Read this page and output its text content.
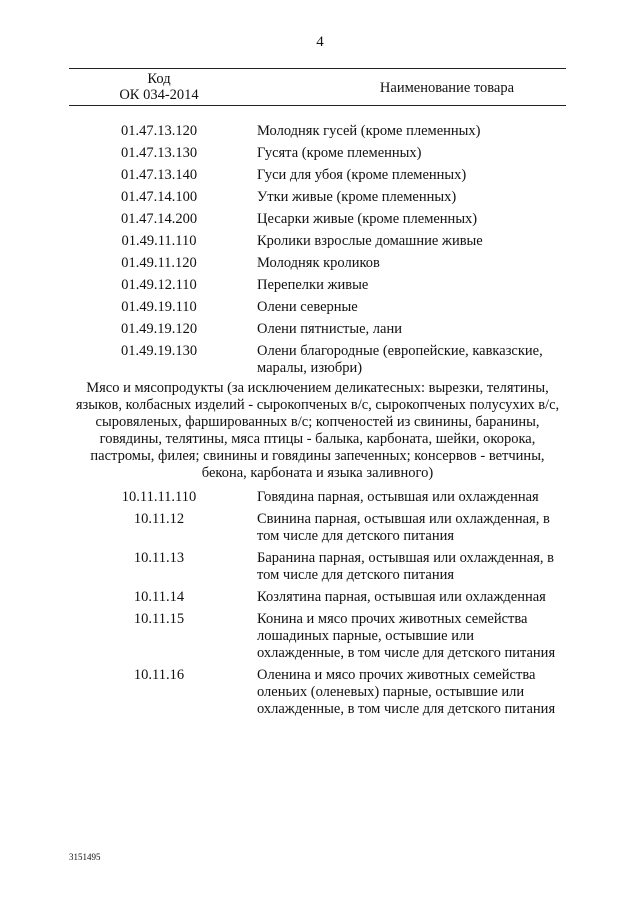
4
Код
ОК 034-2014	Наименование товара
01.47.13.120	Молодняк гусей (кроме племенных)
01.47.13.130	Гусята (кроме племенных)
01.47.13.140	Гуси для убоя (кроме племенных)
01.47.14.100	Утки живые (кроме племенных)
01.47.14.200	Цесарки живые (кроме племенных)
01.49.11.110	Кролики взрослые домашние живые
01.49.11.120	Молодняк кроликов
01.49.12.110	Перепелки живые
01.49.19.110	Олени северные
01.49.19.120	Олени пятнистые, лани
01.49.19.130	Олени благородные (европейские, кавказские, маралы, изюбри)
Мясо и мясопродукты (за исключением деликатесных: вырезки, телятины, языков, колбасных изделий - сырокопченых в/с, сырокопченых полусухих в/с, сыровяленых, фаршированных в/с; копченостей из свинины, баранины, говядины, телятины, мяса птицы - балыка, карбоната, шейки, окорока, пастромы, филея; свинины и говядины запеченных; консервов - ветчины, бекона, карбоната и языка заливного)
10.11.11.110	Говядина парная, остывшая или охлажденная
10.11.12	Свинина парная, остывшая или охлажденная, в том числе для детского питания
10.11.13	Баранина парная, остывшая или охлажденная, в том числе для детского питания
10.11.14	Козлятина парная, остывшая или охлажденная
10.11.15	Конина и мясо прочих животных семейства лошадиных парные, остывшие или охлажденные, в том числе для детского питания
10.11.16	Оленина и мясо прочих животных семейства оленьих (оленевых) парные, остывшие или охлажденные, в том числе для детского питания
3151495
